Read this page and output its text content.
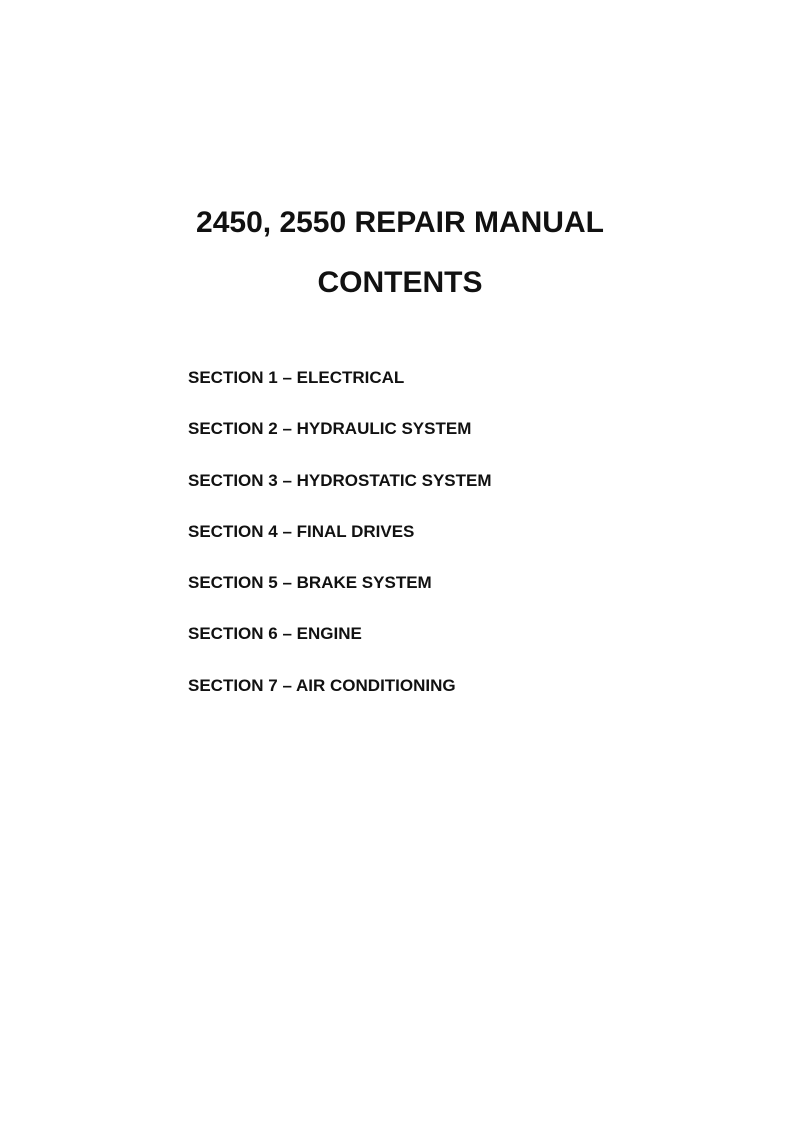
2450, 2550 REPAIR MANUAL
CONTENTS
SECTION 1 – ELECTRICAL
SECTION 2 – HYDRAULIC SYSTEM
SECTION 3 – HYDROSTATIC SYSTEM
SECTION 4 – FINAL DRIVES
SECTION 5 – BRAKE SYSTEM
SECTION 6 – ENGINE
SECTION 7 – AIR CONDITIONING
